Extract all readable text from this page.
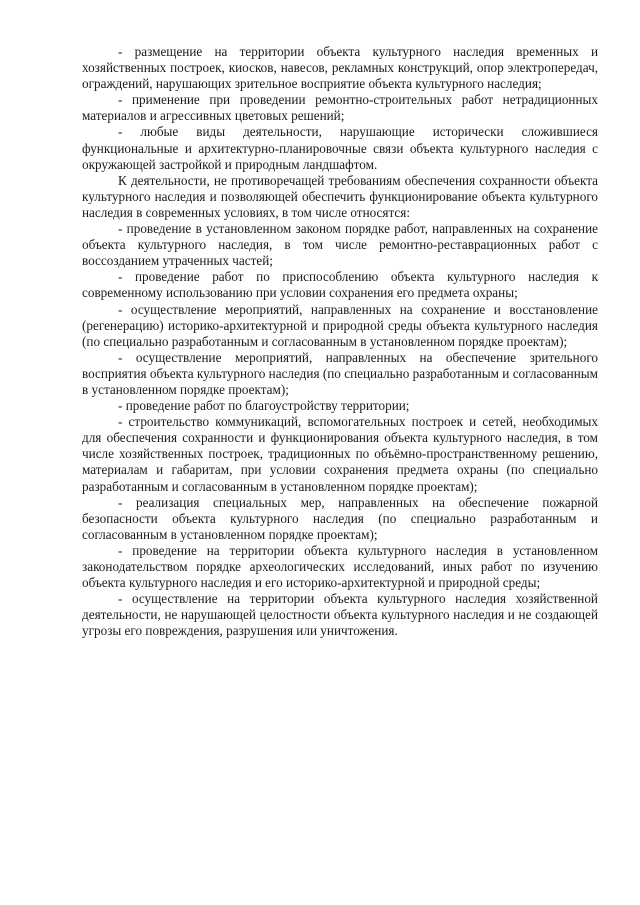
- размещение на территории объекта культурного наследия временных и хозяйственных построек, киосков, навесов, рекламных конструкций, опор электропередач, ограждений, нарушающих зрительное восприятие объекта культурного наследия;

- применение при проведении ремонтно-строительных работ нетрадиционных материалов и агрессивных цветовых решений;

- любые виды деятельности, нарушающие исторически сложившиеся функциональные и архитектурно-планировочные связи объекта культурного наследия с окружающей застройкой и природным ландшафтом.

К деятельности, не противоречащей требованиям обеспечения сохранности объекта культурного наследия и позволяющей обеспечить функционирование объекта культурного наследия в современных условиях, в том числе относятся:

- проведение в установленном законом порядке работ, направленных на сохранение объекта культурного наследия, в том числе ремонтно-реставрационных работ с воссозданием утраченных частей;

- проведение работ по приспособлению объекта культурного наследия к современному использованию при условии сохранения его предмета охраны;

- осуществление мероприятий, направленных на сохранение и восстановление (регенерацию) историко-архитектурной и природной среды объекта культурного наследия (по специально разработанным и согласованным в установленном порядке проектам);

- осуществление мероприятий, направленных на обеспечение зрительного восприятия объекта культурного наследия (по специально разработанным и согласованным в установленном порядке проектам);

- проведение работ по благоустройству территории;

- строительство коммуникаций, вспомогательных построек и сетей, необходимых для обеспечения сохранности и функционирования объекта культурного наследия, в том числе хозяйственных построек, традиционных по объёмно-пространственному решению, материалам и габаритам, при условии сохранения предмета охраны (по специально разработанным и согласованным в установленном порядке проектам);

- реализация специальных мер, направленных на обеспечение пожарной безопасности объекта культурного наследия (по специально разработанным и согласованным в установленном порядке проектам);

- проведение на территории объекта культурного наследия в установленном законодательством порядке археологических исследований, иных работ по изучению объекта культурного наследия и его историко-архитектурной и природной среды;

- осуществление на территории объекта культурного наследия хозяйственной деятельности, не нарушающей целостности объекта культурного наследия и не создающей угрозы его повреждения, разрушения или уничтожения.
